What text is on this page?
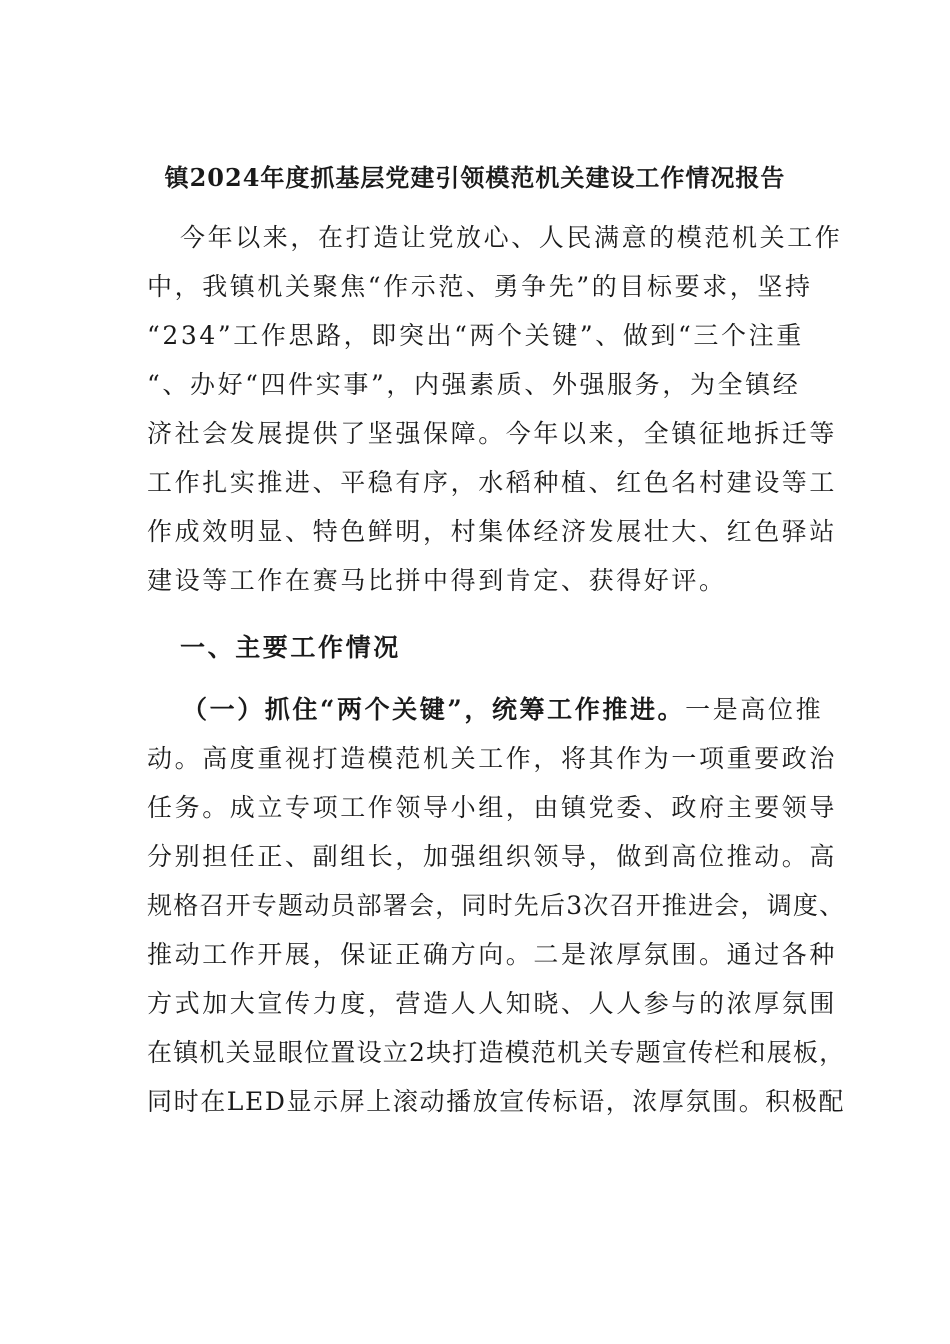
镇2024年度抓基层党建引领模范机关建设工作情况报告
今年以来，在打造让党放心、人民满意的模范机关工作
中，我镇机关聚焦“作示范、勇争先”的目标要求，坚持
“234”工作思路，即突出“两个关键”、做到“三个注重
“、办好“四件实事”，内强素质、外强服务，为全镇经
济社会发展提供了坚强保障。今年以来，全镇征地拆迁等
工作扎实推进、平稳有序，水稻种植、红色名村建设等工
作成效明显、特色鲜明，村集体经济发展壮大、红色驿站
建设等工作在赛马比拼中得到肯定、获得好评。
一、主要工作情况
（一）抓住“两个关键”，统筹工作推进。一是高位推
动。高度重视打造模范机关工作，将其作为一项重要政治
任务。成立专项工作领导小组，由镇党委、政府主要领导
分别担任正、副组长，加强组织领导，做到高位推动。高
规格召开专题动员部署会，同时先后3次召开推进会，调度、
推动工作开展，保证正确方向。二是浓厚氛围。通过各种
方式加大宣传力度，营造人人知晓、人人参与的浓厚氛围
在镇机关显眼位置设立2块打造模范机关专题宣传栏和展板，
同时在LED显示屏上滚动播放宣传标语，浓厚氛围。积极配
